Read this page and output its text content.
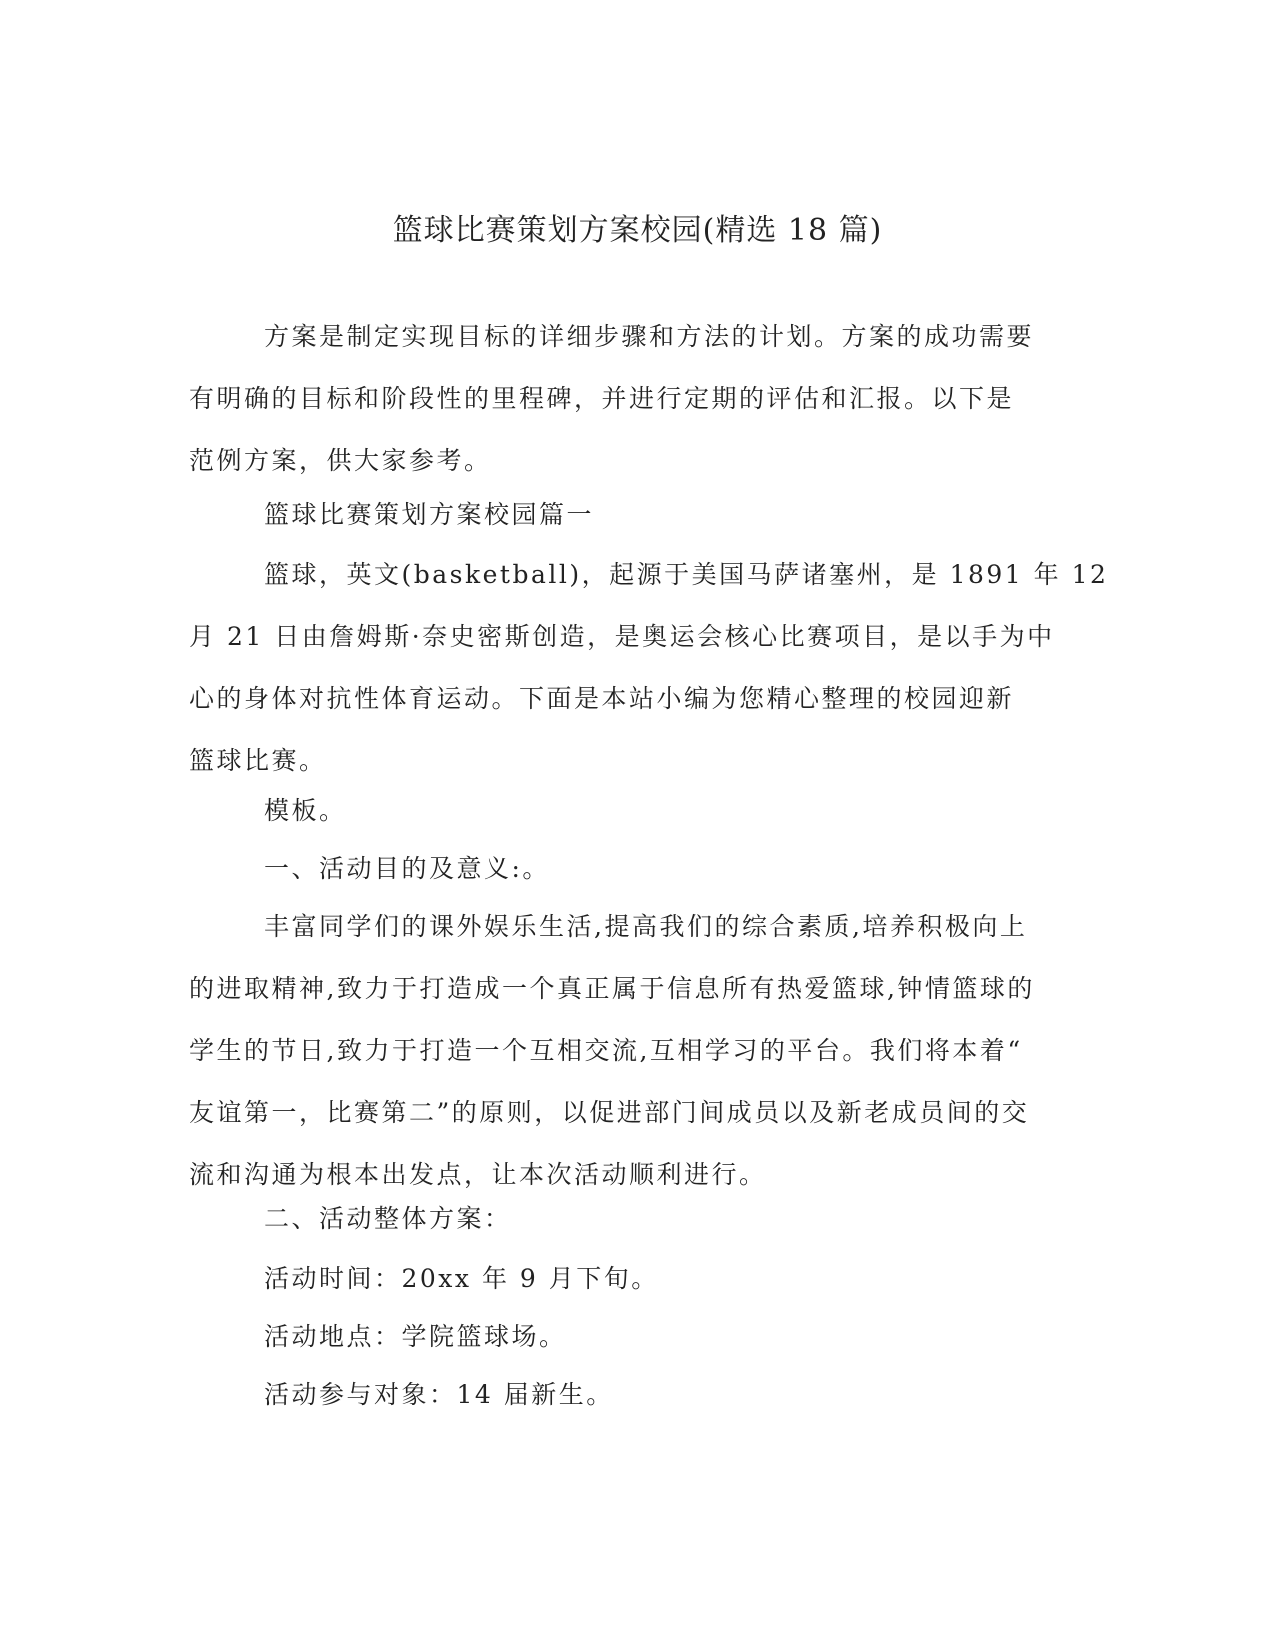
篮球比赛策划方案校园(精选 18 篇)

方案是制定实现目标的详细步骤和方法的计划。方案的成功需要
有明确的目标和阶段性的里程碑，并进行定期的评估和汇报。以下是
范例方案，供大家参考。

篮球比赛策划方案校园篇一

篮球，英文(basketball)，起源于美国马萨诸塞州，是 1891 年 12
月 21 日由詹姆斯·奈史密斯创造，是奥运会核心比赛项目，是以手为中
心的身体对抗性体育运动。下面是本站小编为您精心整理的校园迎新
篮球比赛。

模板。

一、活动目的及意义:。

丰富同学们的课外娱乐生活,提高我们的综合素质,培养积极向上
的进取精神,致力于打造成一个真正属于信息所有热爱篮球,钟情篮球的
学生的节日,致力于打造一个互相交流,互相学习的平台。我们将本着“
友谊第一，比赛第二”的原则，以促进部门间成员以及新老成员间的交
流和沟通为根本出发点，让本次活动顺利进行。

二、活动整体方案：

活动时间：20xx 年 9 月下旬。

活动地点：学院篮球场。

活动参与对象：14 届新生。
